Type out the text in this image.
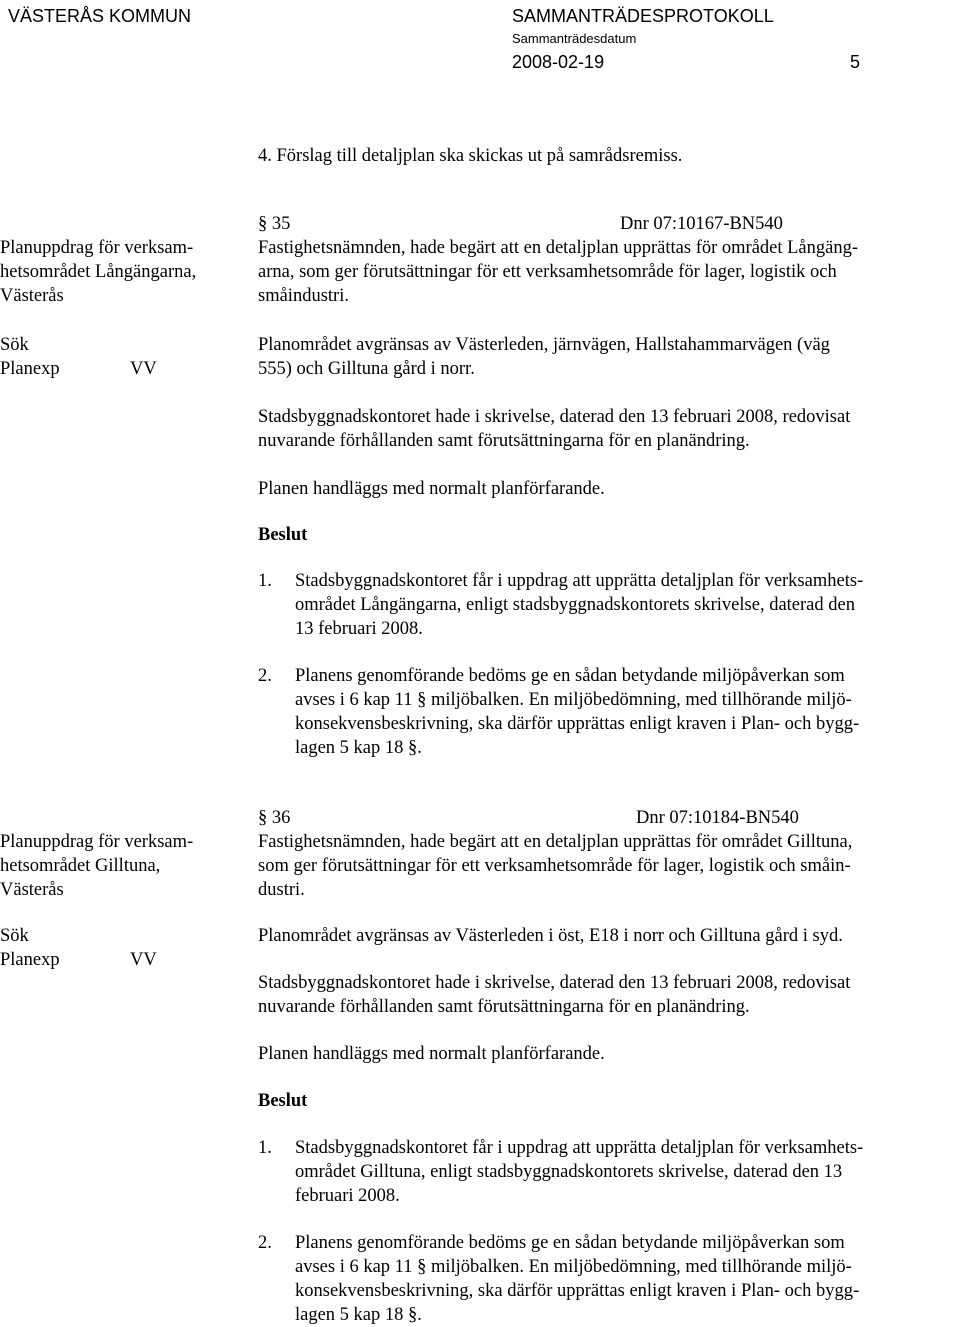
VÄSTERÅS KOMMUN	SAMMANTRÄDESPROTOKOLL
Sammanträdesdatum
2008-02-19	5
4. Förslag till detaljplan ska skickas ut på samrådsremiss.
Planuppdrag för verksam-
hetsområdet Långängarna,
Västerås
Sök
Planexp	VV
§ 35	Dnr 07:10167-BN540
Fastighetsnämnden, hade begärt att en detaljplan upprättas för området Långäng-
arna, som ger förutsättningar för ett verksamhetsområde för lager, logistik och
småindustri.
Planområdet avgränsas av Västerleden, järnvägen, Hallstahammarvägen (väg
555) och Gilltuna gård i norr.
Stadsbyggnadskontoret hade i skrivelse, daterad den 13 februari 2008, redovisat
nuvarande förhållanden samt förutsättningarna för en planändring.
Planen handläggs med normalt planförfarande.
Beslut
1. Stadsbyggnadskontoret får i uppdrag att upprätta detaljplan för verksamhets-
området Långängarna, enligt stadsbyggnadskontorets skrivelse, daterad den
13 februari 2008.
2. Planens genomförande bedöms ge en sådan betydande miljöpåverkan som
avses i 6 kap 11 § miljöbalken. En miljöbedömning, med tillhörande miljö-
konsekvensbeskrivning, ska därför upprättas enligt kraven i Plan- och bygg-
lagen 5 kap 18 §.
Planuppdrag för verksam-
hetsområdet Gilltuna,
Västerås
Sök
Planexp	VV
§ 36	Dnr 07:10184-BN540
Fastighetsnämnden, hade begärt att en detaljplan upprättas för området Gilltuna,
som ger förutsättningar för ett verksamhetsområde för lager, logistik och småin-
dustri.
Planområdet avgränsas av Västerleden i öst, E18 i norr och Gilltuna gård i syd.
Stadsbyggnadskontoret hade i skrivelse, daterad den 13 februari 2008, redovisat
nuvarande förhållanden samt förutsättningarna för en planändring.
Planen handläggs med normalt planförfarande.
Beslut
1. Stadsbyggnadskontoret får i uppdrag att upprätta detaljplan för verksamhets-
området Gilltuna, enligt stadsbyggnadskontorets skrivelse, daterad den 13
februari 2008.
2. Planens genomförande bedöms ge en sådan betydande miljöpåverkan som
avses i 6 kap 11 § miljöbalken. En miljöbedömning, med tillhörande miljö-
konsekvensbeskrivning, ska därför upprättas enligt kraven i Plan- och bygg-
lagen 5 kap 18 §.
